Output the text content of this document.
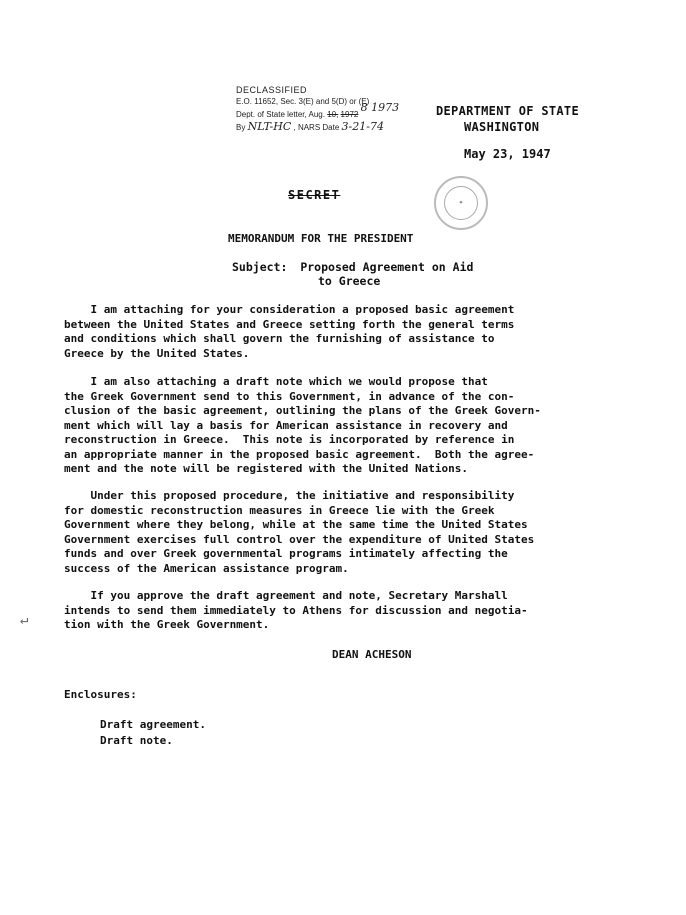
DECLASSIFIED
E.O. 11652, Sec. 3(E) and 5(D) or (E)
Dept. of State letter, Aug. 10, 1972 8 1973
By NLT-HC , NARS Date 3-21-74
DEPARTMENT OF STATE
WASHINGTON
May 23, 1947
SECRET
✦
MEMORANDUM FOR THE PRESIDENT
Subject: Proposed Agreement on Aid
to Greece
I am attaching for your consideration a proposed basic agreement
between the United States and Greece setting forth the general terms
and conditions which shall govern the furnishing of assistance to
Greece by the United States.
I am also attaching a draft note which we would propose that
the Greek Government send to this Government, in advance of the con-
clusion of the basic agreement, outlining the plans of the Greek Govern-
ment which will lay a basis for American assistance in recovery and
reconstruction in Greece.  This note is incorporated by reference in
an appropriate manner in the proposed basic agreement.  Both the agree-
ment and the note will be registered with the United Nations.
Under this proposed procedure, the initiative and responsibility
for domestic reconstruction measures in Greece lie with the Greek
Government where they belong, while at the same time the United States
Government exercises full control over the expenditure of United States
funds and over Greek governmental programs intimately affecting the
success of the American assistance program.
If you approve the draft agreement and note, Secretary Marshall
intends to send them immediately to Athens for discussion and negotia-
tion with the Greek Government.
↵
DEAN ACHESON
Enclosures:
Draft agreement.
Draft note.
